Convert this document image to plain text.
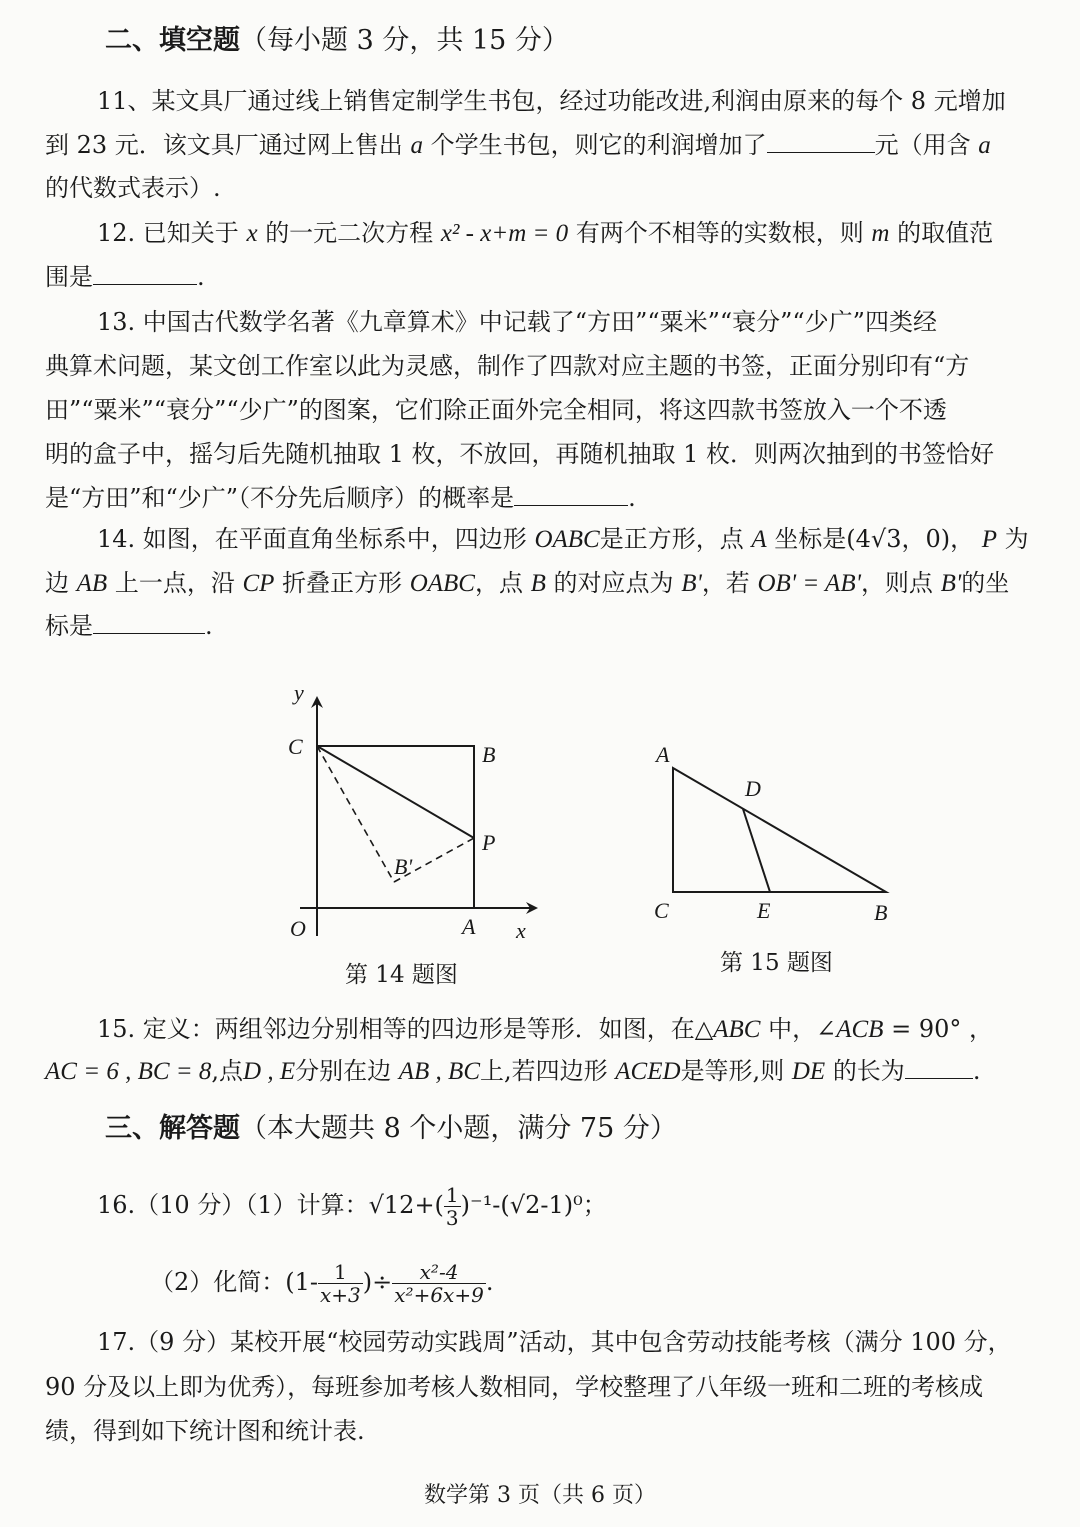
二、填空题（每小题 3 分，共 15 分）
11、某文具厂通过线上销售定制学生书包，经过功能改进,利润由原来的每个 8 元增加
到 23 元．该文具厂通过网上售出 a 个学生书包，则它的利润增加了	元（用含 a
的代数式表示）.
12. 已知关于 x 的一元二次方程 x² - x+m = 0 有两个不相等的实数根，则 m 的取值范
围是	.
13. 中国古代数学名著《九章算术》中记载了“方田”“粟米”“衰分”“少广”四类经
典算术问题，某文创工作室以此为灵感，制作了四款对应主题的书签，正面分别印有“方
田”“粟米”“衰分”“少广”的图案，它们除正面外完全相同，将这四款书签放入一个不透
明的盒子中，摇匀后先随机抽取 1 枚，不放回，再随机抽取 1 枚．则两次抽到的书签恰好
是“方田”和“少广”（不分先后顺序）的概率是	.
14. 如图，在平面直角坐标系中，四边形 OABC是正方形，点 A 坐标是(4√3，0)， P 为
边 AB 上一点，沿 CP 折叠正方形 OABC，点 B 的对应点为 B'，若 OB' = AB'，则点 B'的坐
标是	.
y
C	B
P
B'
O	A x
第 14 题图
A
D
C	E	B
第 15 题图
15. 定义：两组邻边分别相等的四边形是等形．如图，在△ABC 中，∠ACB = 90° ，
AC = 6 , BC = 8,点D , E分别在边 AB , BC上,若四边形 ACED是等形,则 DE 的长为	.
三、解答题（本大题共 8 个小题，满分 75 分）
16.（10 分）（1）计算：$√12+( \frac{1}{3} )^{-1}-(√2-1)^0$；
（2）化简：($1- \frac{1}{x+3}$ )÷ $\frac{\text{x²-4}}{\text{x²+6x+9}}$ .
17.（9 分）某校开展“校园劳动实践周”活动，其中包含劳动技能考核（满分 100 分，
90 分及以上即为优秀），每班参加考核人数相同，学校整理了八年级一班和二班的考核成
绩，得到如下统计图和统计表.
数学第 3 页（共 6 页）
